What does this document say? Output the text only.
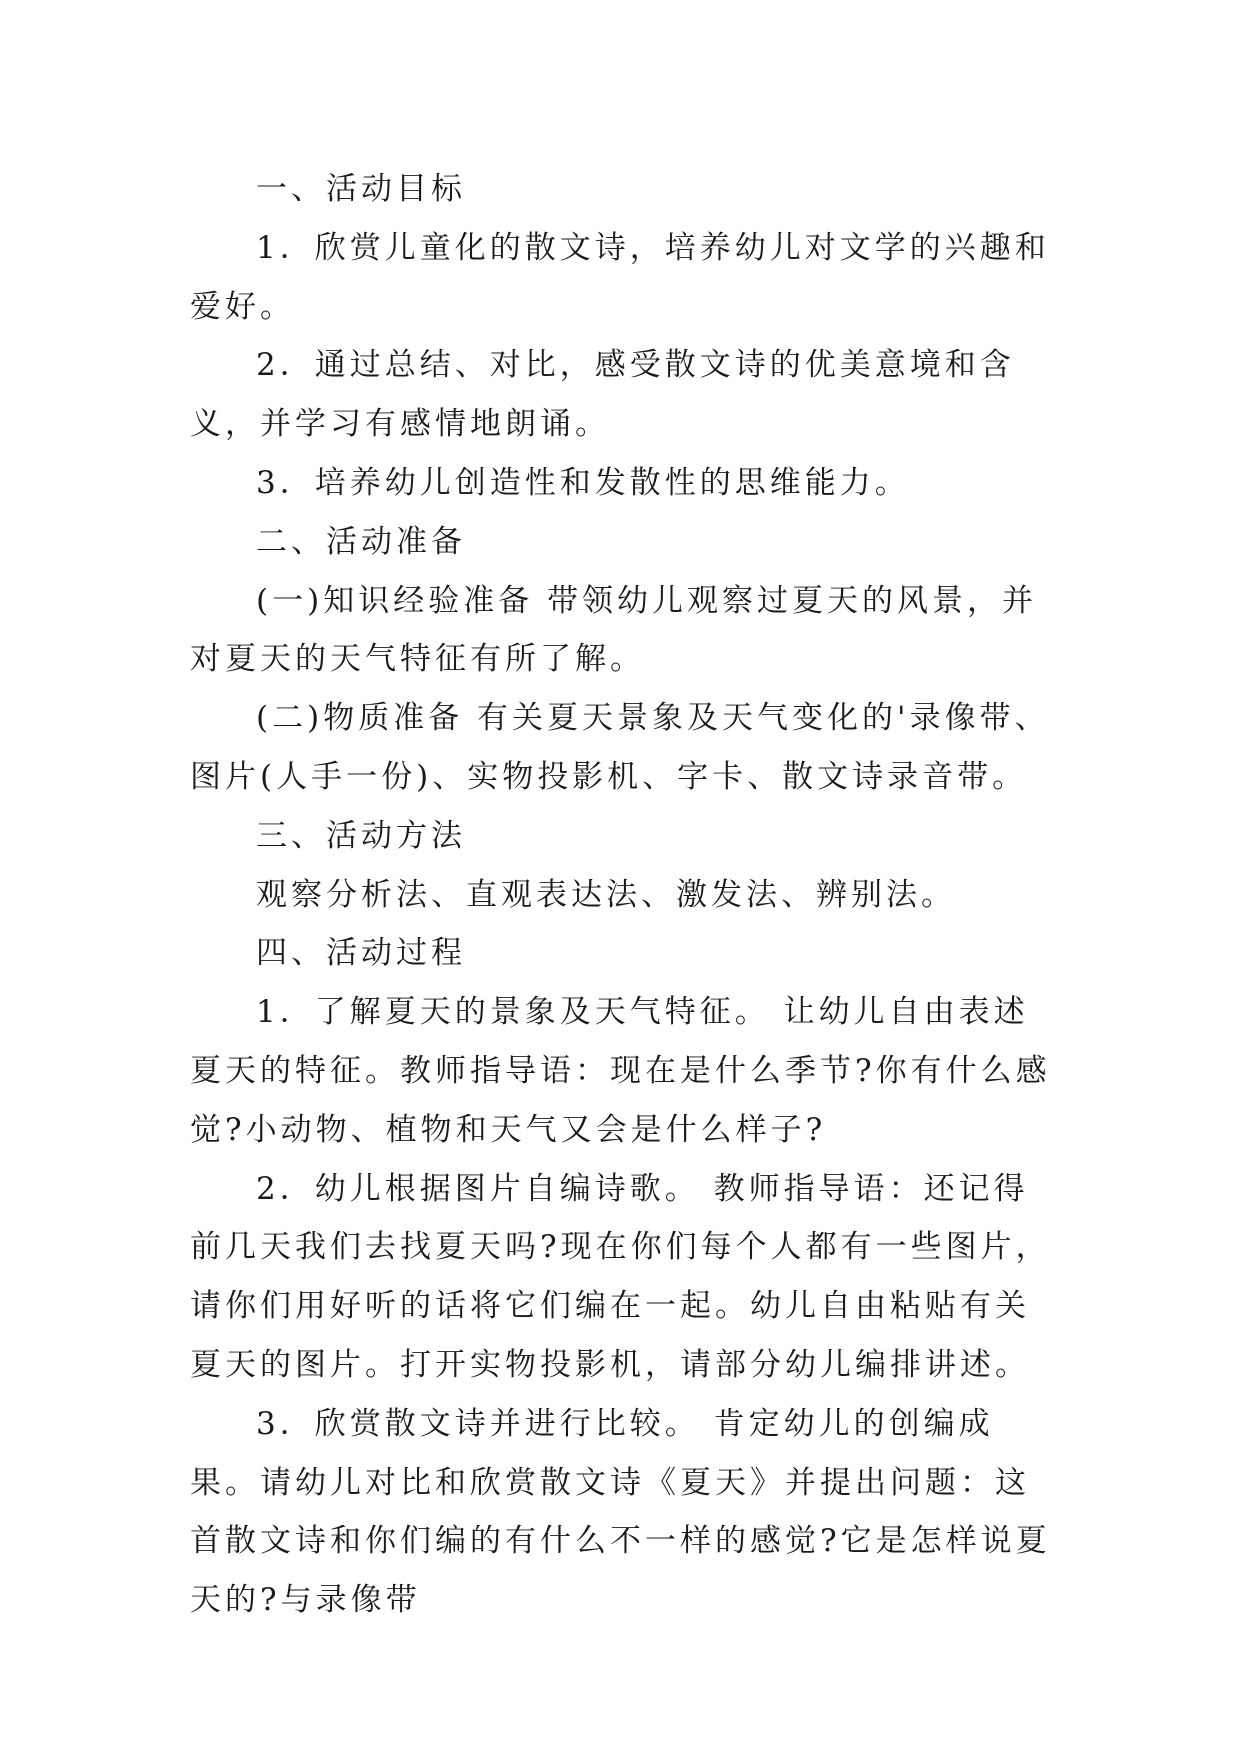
一、活动目标

1．欣赏儿童化的散文诗，培养幼儿对文学的兴趣和爱好。

2．通过总结、对比，感受散文诗的优美意境和含义，并学习有感情地朗诵。

3．培养幼儿创造性和发散性的思维能力。

二、活动准备

(一)知识经验准备 带领幼儿观察过夏天的风景，并对夏天的天气特征有所了解。

(二)物质准备 有关夏天景象及天气变化的'录像带、图片(人手一份)、实物投影机、字卡、散文诗录音带。

三、活动方法

观察分析法、直观表达法、激发法、辨别法。

四、活动过程

1．了解夏天的景象及天气特征。 让幼儿自由表述夏天的特征。教师指导语：现在是什么季节?你有什么感觉?小动物、植物和天气又会是什么样子?

2．幼儿根据图片自编诗歌。 教师指导语：还记得前几天我们去找夏天吗?现在你们每个人都有一些图片，请你们用好听的话将它们编在一起。幼儿自由粘贴有关夏天的图片。打开实物投影机，请部分幼儿编排讲述。

3．欣赏散文诗并进行比较。 肯定幼儿的创编成果。请幼儿对比和欣赏散文诗《夏天》并提出问题：这首散文诗和你们编的有什么不一样的感觉?它是怎样说夏天的?与录像带
